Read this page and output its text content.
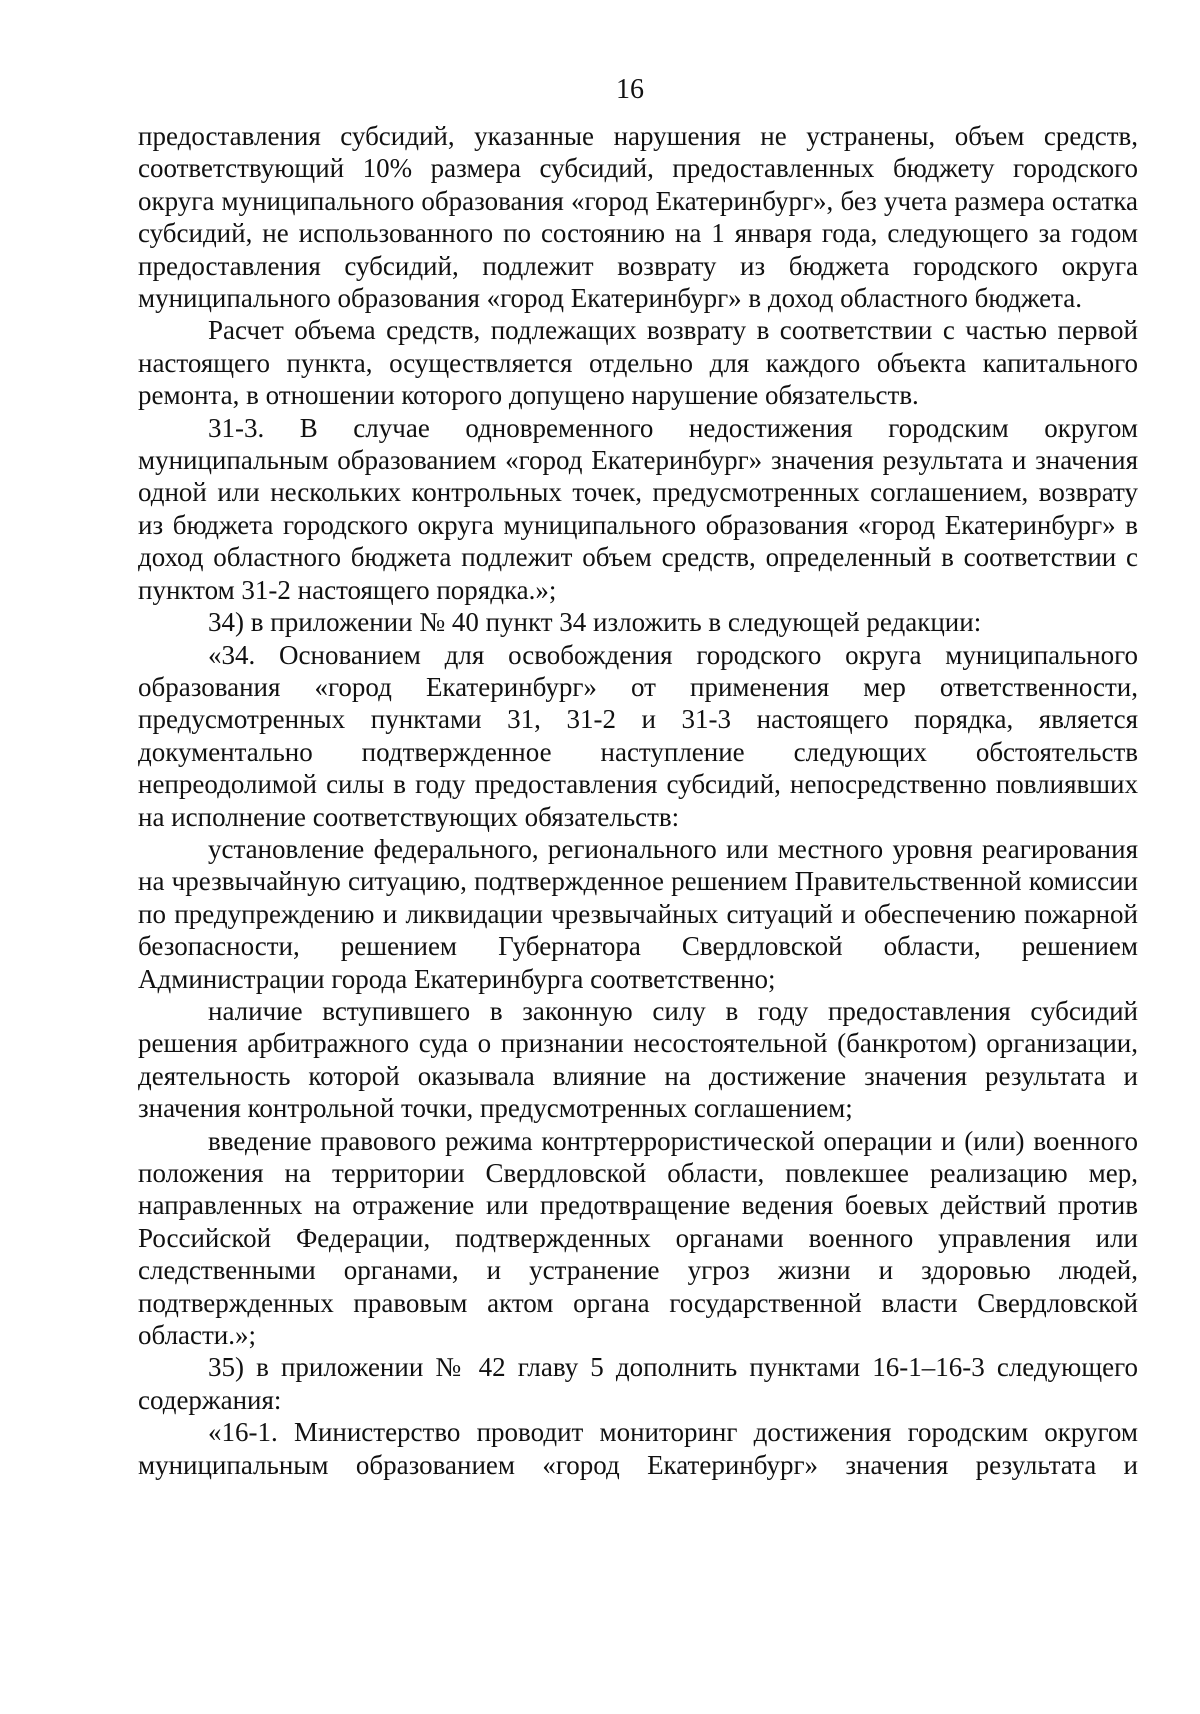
16

предоставления субсидий, указанные нарушения не устранены, объем средств, соответствующий 10% размера субсидий, предоставленных бюджету городского округа муниципального образования «город Екатеринбург», без учета размера остатка субсидий, не использованного по состоянию на 1 января года, следующего за годом предоставления субсидий, подлежит возврату из бюджета городского округа муниципального образования «город Екатеринбург» в доход областного бюджета.

Расчет объема средств, подлежащих возврату в соответствии с частью первой настоящего пункта, осуществляется отдельно для каждого объекта капитального ремонта, в отношении которого допущено нарушение обязательств.

31-3. В случае одновременного недостижения городским округом муниципальным образованием «город Екатеринбург» значения результата и значения одной или нескольких контрольных точек, предусмотренных соглашением, возврату из бюджета городского округа муниципального образования «город Екатеринбург» в доход областного бюджета подлежит объем средств, определенный в соответствии с пунктом 31-2 настоящего порядка.»;

34) в приложении № 40 пункт 34 изложить в следующей редакции:

«34. Основанием для освобождения городского округа муниципального образования «город Екатеринбург» от применения мер ответственности, предусмотренных пунктами 31, 31-2 и 31-3 настоящего порядка, является документально подтвержденное наступление следующих обстоятельств непреодолимой силы в году предоставления субсидий, непосредственно повлиявших на исполнение соответствующих обязательств:

установление федерального, регионального или местного уровня реагирования на чрезвычайную ситуацию, подтвержденное решением Правительственной комиссии по предупреждению и ликвидации чрезвычайных ситуаций и обеспечению пожарной безопасности, решением Губернатора Свердловской области, решением Администрации города Екатеринбурга соответственно;

наличие вступившего в законную силу в году предоставления субсидий решения арбитражного суда о признании несостоятельной (банкротом) организации, деятельность которой оказывала влияние на достижение значения результата и значения контрольной точки, предусмотренных соглашением;

введение правового режима контртеррористической операции и (или) военного положения на территории Свердловской области, повлекшее реализацию мер, направленных на отражение или предотвращение ведения боевых действий против Российской Федерации, подтвержденных органами военного управления или следственными органами, и устранение угроз жизни и здоровью людей, подтвержденных правовым актом органа государственной власти Свердловской области.»;

35) в приложении № 42 главу 5 дополнить пунктами 16-1–16-3 следующего содержания:

«16-1. Министерство проводит мониторинг достижения городским округом муниципальным образованием «город Екатеринбург» значения результата и
